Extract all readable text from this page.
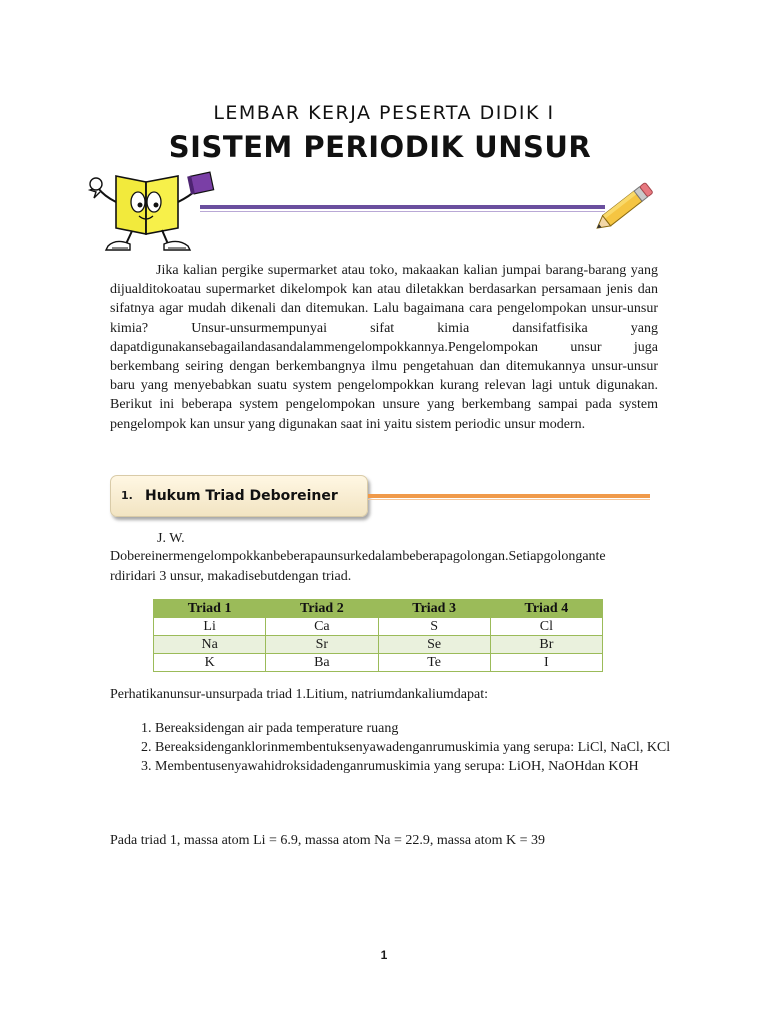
LEMBAR KERJA PESERTA DIDIK I
SISTEM PERIODIK UNSUR
Jika kalian pergike supermarket atau toko, makaakan kalian jumpai barang-barang yang dijualditokoatau supermarket dikelompok kan atau diletakkan berdasarkan persamaan jenis dan sifatnya agar mudah dikenali dan ditemukan. Lalu bagaimana cara pengelompokan unsur-unsur kimia? Unsur-unsurmempunyai sifat kimia dansifatfisika yang dapatdigunakansebagailandasandalammengelompokkannya.Pengelompokan unsur juga berkembang seiring dengan berkembangnya ilmu pengetahuan dan ditemukannya unsur-unsur baru yang menyebabkan suatu system pengelompokkan kurang relevan lagi untuk digunakan. Berikut ini beberapa system pengelompokan unsure yang berkembang sampai pada system pengelompok kan unsur yang digunakan saat ini yaitu sistem periodic unsur modern.
1. Hukum Triad Deboreiner
J. W.
Dobereinermengelompokkanbeberapaunsurkedalambeberapagolongan.Setiapgolongante
rdiridari 3 unsur, makadisebutdengan triad.
Triad 1	Triad 2	Triad 3	Triad 4
Li	Ca	S	Cl
Na	Sr	Se	Br
K	Ba	Te	I
Perhatikanunsur-unsurpada triad 1.Litium, natriumdankaliumdapat:
1. Bereaksidengan air pada temperature ruang
2. Bereaksidenganklorinmembentuksenyawadenganrumuskimia yang serupa: LiCl, NaCl, KCl
3. Membentusenyawahidroksidadenganrumuskimia yang serupa: LiOH, NaOHdan KOH
Pada triad 1, massa atom Li = 6.9, massa atom Na = 22.9, massa atom K = 39
1
